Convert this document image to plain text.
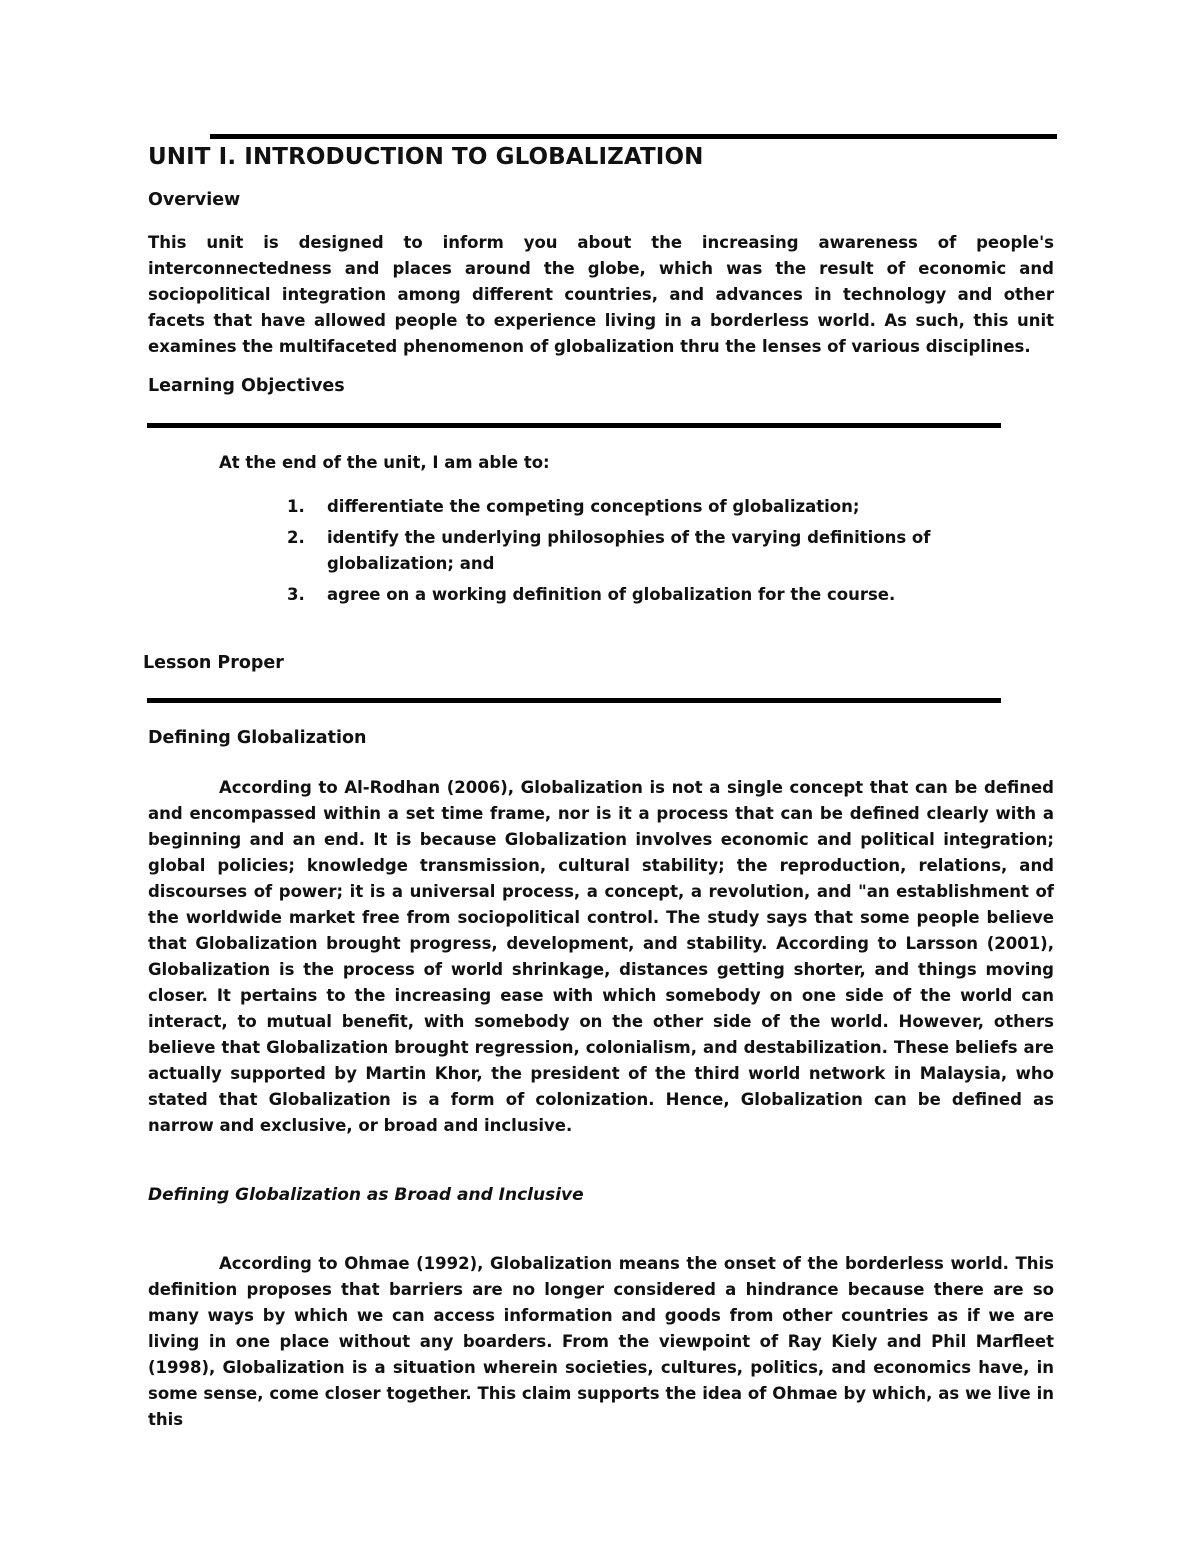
UNIT I. INTRODUCTION TO GLOBALIZATION
Overview

This unit is designed to inform you about the increasing awareness of people's interconnectedness and places around the globe, which was the result of economic and sociopolitical integration among different countries, and advances in technology and other facets that have allowed people to experience living in a borderless world. As such, this unit examines the multifaceted phenomenon of globalization thru the lenses of various disciplines.

Learning Objectives

At the end of the unit, I am able to:

1.	differentiate the competing conceptions of globalization;
2.	identify the underlying philosophies of the varying definitions of globalization; and
3.	agree on a working definition of globalization for the course.
Lesson Proper
Defining Globalization

According to Al-Rodhan (2006), Globalization is not a single concept that can be defined and encompassed within a set time frame, nor is it a process that can be defined clearly with a beginning and an end. It is because Globalization involves economic and political integration; global policies; knowledge transmission, cultural stability; the reproduction, relations, and discourses of power; it is a universal process, a concept, a revolution, and "an establishment of the worldwide market free from sociopolitical control. The study says that some people believe that Globalization brought progress, development, and stability. According to Larsson (2001), Globalization is the process of world shrinkage, distances getting shorter, and things moving closer. It pertains to the increasing ease with which somebody on one side of the world can interact, to mutual benefit, with somebody on the other side of the world. However, others believe that Globalization brought regression, colonialism, and destabilization. These beliefs are actually supported by Martin Khor, the president of the third world network in Malaysia, who stated that Globalization is a form of colonization. Hence, Globalization can be defined as narrow and exclusive, or broad and inclusive.

Defining Globalization as Broad and Inclusive

According to Ohmae (1992), Globalization means the onset of the borderless world. This definition proposes that barriers are no longer considered a hindrance because there are so many ways by which we can access information and goods from other countries as if we are living in one place without any boarders. From the viewpoint of Ray Kiely and Phil Marfleet (1998), Globalization is a situation wherein societies, cultures, politics, and economics have, in some sense, come closer together. This claim supports the idea of Ohmae by which, as we live in this
